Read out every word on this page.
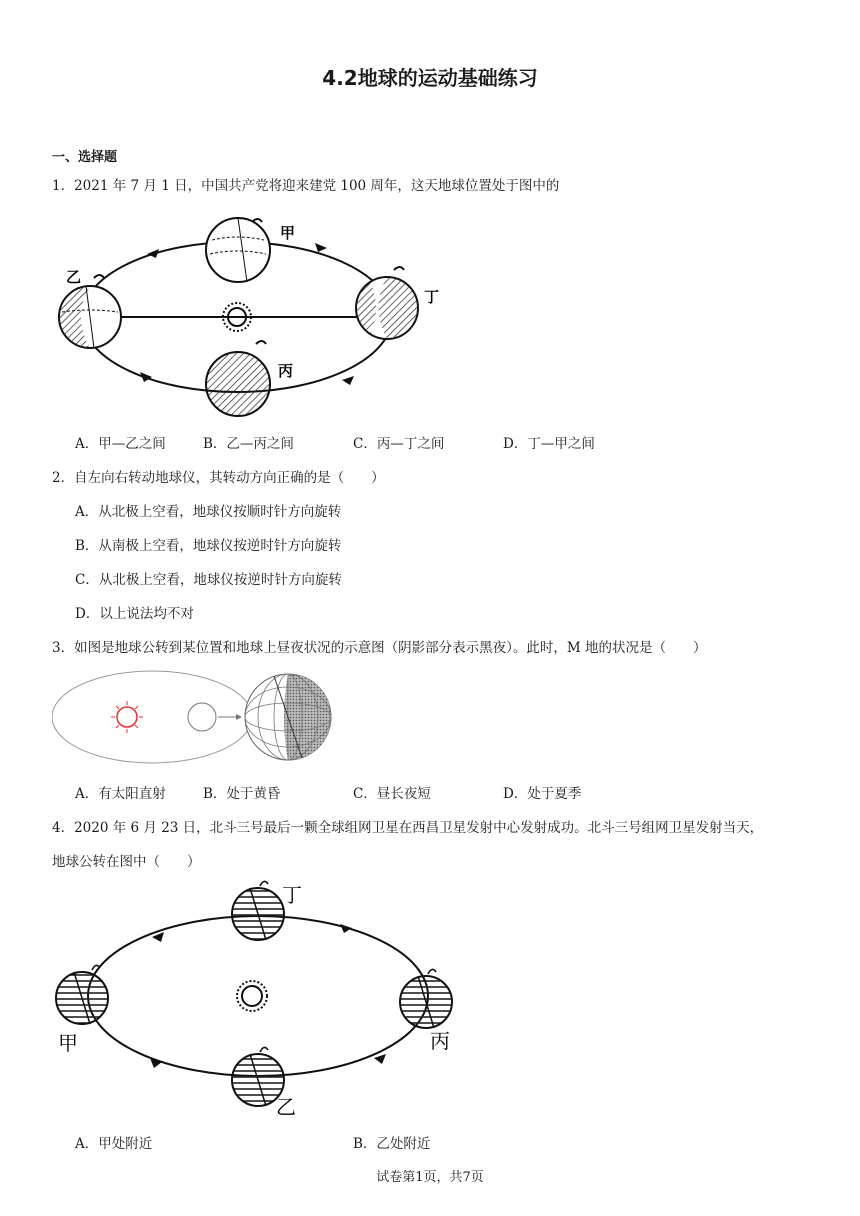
4.2地球的运动基础练习
一、选择题
1．2021 年 7 月 1 日，中国共产党将迎来建党 100 周年，这天地球位置处于图中的
甲
乙
丙
丁
A．甲—乙之间	B．乙—丙之间	C．丙—丁之间	D．丁—甲之间
2．自左向右转动地球仪，其转动方向正确的是（　　）
A．从北极上空看，地球仪按顺时针方向旋转
B．从南极上空看，地球仪按逆时针方向旋转
C．从北极上空看，地球仪按逆时针方向旋转
D．以上说法均不对
3．如图是地球公转到某位置和地球上昼夜状况的示意图（阴影部分表示黑夜）。此时，M 地的状况是（　　）
A．有太阳直射	B．处于黄昏	C．昼长夜短	D．处于夏季
4．2020 年 6 月 23 日，北斗三号最后一颗全球组网卫星在西昌卫星发射中心发射成功。北斗三号组网卫星发射当天，
地球公转在图中（　　）
丁
甲	丙
乙
A．甲处附近	B．乙处附近
试卷第1页，共7页
